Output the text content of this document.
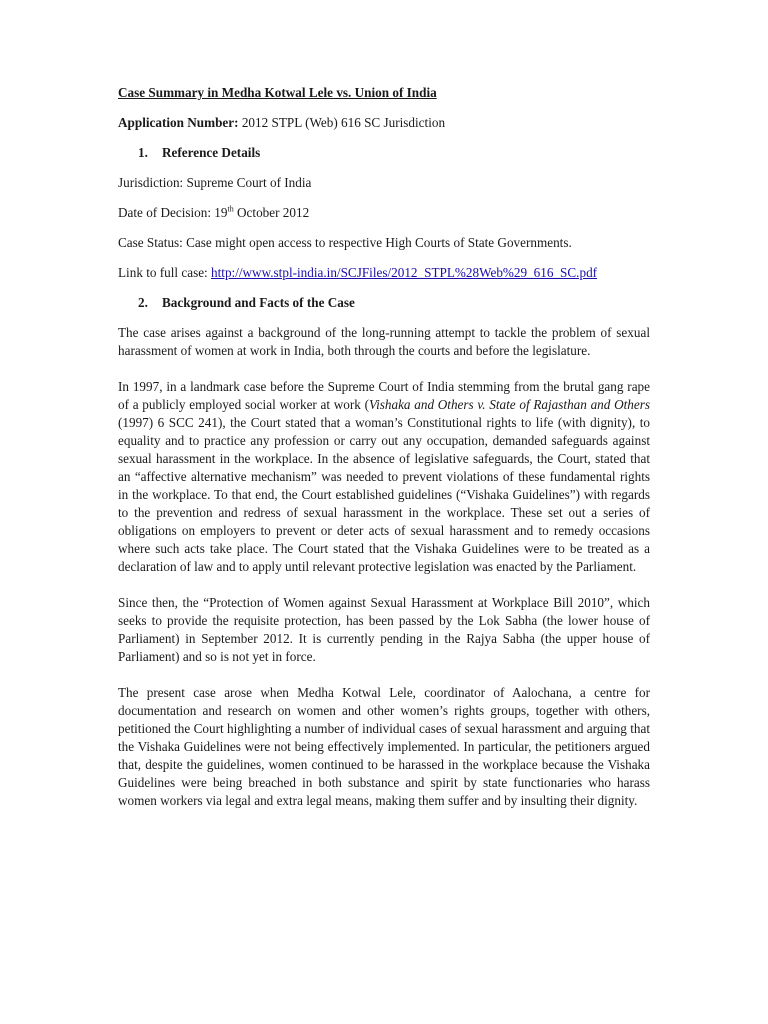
Case Summary in Medha Kotwal Lele vs. Union of India

Application Number: 2012 STPL (Web) 616 SC Jurisdiction

1. Reference Details

Jurisdiction: Supreme Court of India

Date of Decision: 19th October 2012

Case Status: Case might open access to respective High Courts of State Governments.

Link to full case: http://www.stpl-india.in/SCJFiles/2012_STPL%28Web%29_616_SC.pdf

2. Background and Facts of the Case

The case arises against a background of the long-running attempt to tackle the problem of sexual harassment of women at work in India, both through the courts and before the legislature.

In 1997, in a landmark case before the Supreme Court of India stemming from the brutal gang rape of a publicly employed social worker at work (Vishaka and Others v. State of Rajasthan and Others (1997) 6 SCC 241), the Court stated that a woman’s Constitutional rights to life (with dignity), to equality and to practice any profession or carry out any occupation, demanded safeguards against sexual harassment in the workplace. In the absence of legislative safeguards, the Court, stated that an “affective alternative mechanism” was needed to prevent violations of these fundamental rights in the workplace. To that end, the Court established guidelines (“Vishaka Guidelines”) with regards to the prevention and redress of sexual harassment in the workplace. These set out a series of obligations on employers to prevent or deter acts of sexual harassment and to remedy occasions where such acts take place. The Court stated that the Vishaka Guidelines were to be treated as a declaration of law and to apply until relevant protective legislation was enacted by the Parliament.

Since then, the “Protection of Women against Sexual Harassment at Workplace Bill 2010”, which seeks to provide the requisite protection, has been passed by the Lok Sabha (the lower house of Parliament) in September 2012. It is currently pending in the Rajya Sabha (the upper house of Parliament) and so is not yet in force.

The present case arose when Medha Kotwal Lele, coordinator of Aalochana, a centre for documentation and research on women and other women’s rights groups, together with others, petitioned the Court highlighting a number of individual cases of sexual harassment and arguing that the Vishaka Guidelines were not being effectively implemented. In particular, the petitioners argued that, despite the guidelines, women continued to be harassed in the workplace because the Vishaka Guidelines were being breached in both substance and spirit by state functionaries who harass women workers via legal and extra legal means, making them suffer and by insulting their dignity.
